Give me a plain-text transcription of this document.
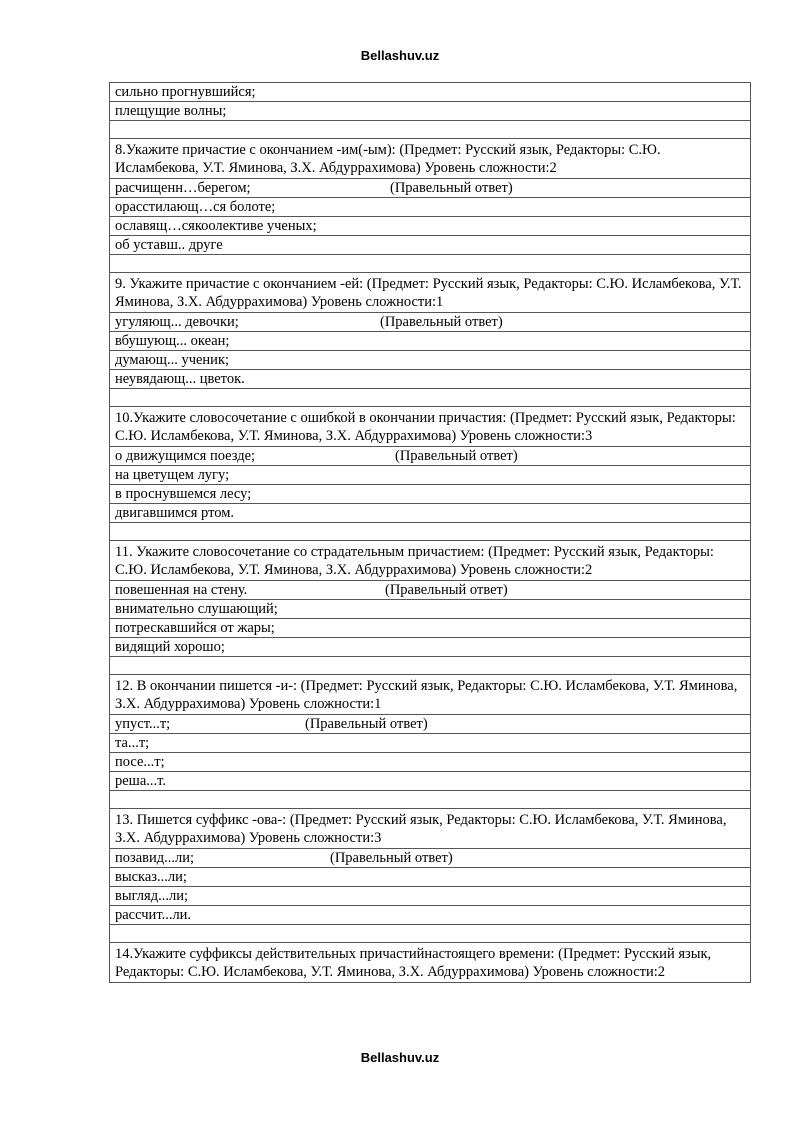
Bellashuv.uz
сильно прогнувшийся;
плещущие волны;

8.Укажите причастие с окончанием -им(-ым): (Предмет: Русский язык, Редакторы: С.Ю. Исламбекова, У.Т. Яминова, З.Х. Абдуррахимова) Уровень сложности:2
расчищенн…берегом;	(Правельный ответ)
орасстилающ…ся болоте;
ославящ…сякоолективе ученых;
об уставш.. друге

9. Укажите причастие с окончанием -ей: (Предмет: Русский язык, Редакторы: С.Ю. Исламбекова, У.Т. Яминова, З.Х. Абдуррахимова) Уровень сложности:1
угуляющ... девочки;	(Правельный ответ)
вбушующ... океан;
думающ... ученик;
неувядающ... цветок.

10.Укажите словосочетание с ошибкой в окончании причастия: (Предмет: Русский язык, Редакторы: С.Ю. Исламбекова, У.Т. Яминова, З.Х. Абдуррахимова) Уровень сложности:3
о движущимся поезде;	(Правельный ответ)
на цветущем лугу;
в проснувшемся лесу;
двигавшимся ртом.

11. Укажите словосочетание со страдательным причастием: (Предмет: Русский язык, Редакторы: С.Ю. Исламбекова, У.Т. Яминова, З.Х. Абдуррахимова) Уровень сложности:2
повешенная на стену.	(Правельный ответ)
внимательно слушающий;
потрескавшийся от жары;
видящий хорошо;

12. В окончании пишется -и-: (Предмет: Русский язык, Редакторы: С.Ю. Исламбекова, У.Т. Яминова, З.Х. Абдуррахимова) Уровень сложности:1
упуст...т;	(Правельный ответ)
та...т;
посе...т;
реша...т.

13. Пишется суффикс -ова-: (Предмет: Русский язык, Редакторы: С.Ю. Исламбекова, У.Т. Яминова, З.Х. Абдуррахимова) Уровень сложности:3
позавид...ли;	(Правельный ответ)
высказ...ли;
выгляд...ли;
рассчит...ли.

14.Укажите суффиксы действительных причастийнастоящего времени: (Предмет: Русский язык, Редакторы: С.Ю. Исламбекова, У.Т. Яминова, З.Х. Абдуррахимова) Уровень сложности:2
Bellashuv.uz
